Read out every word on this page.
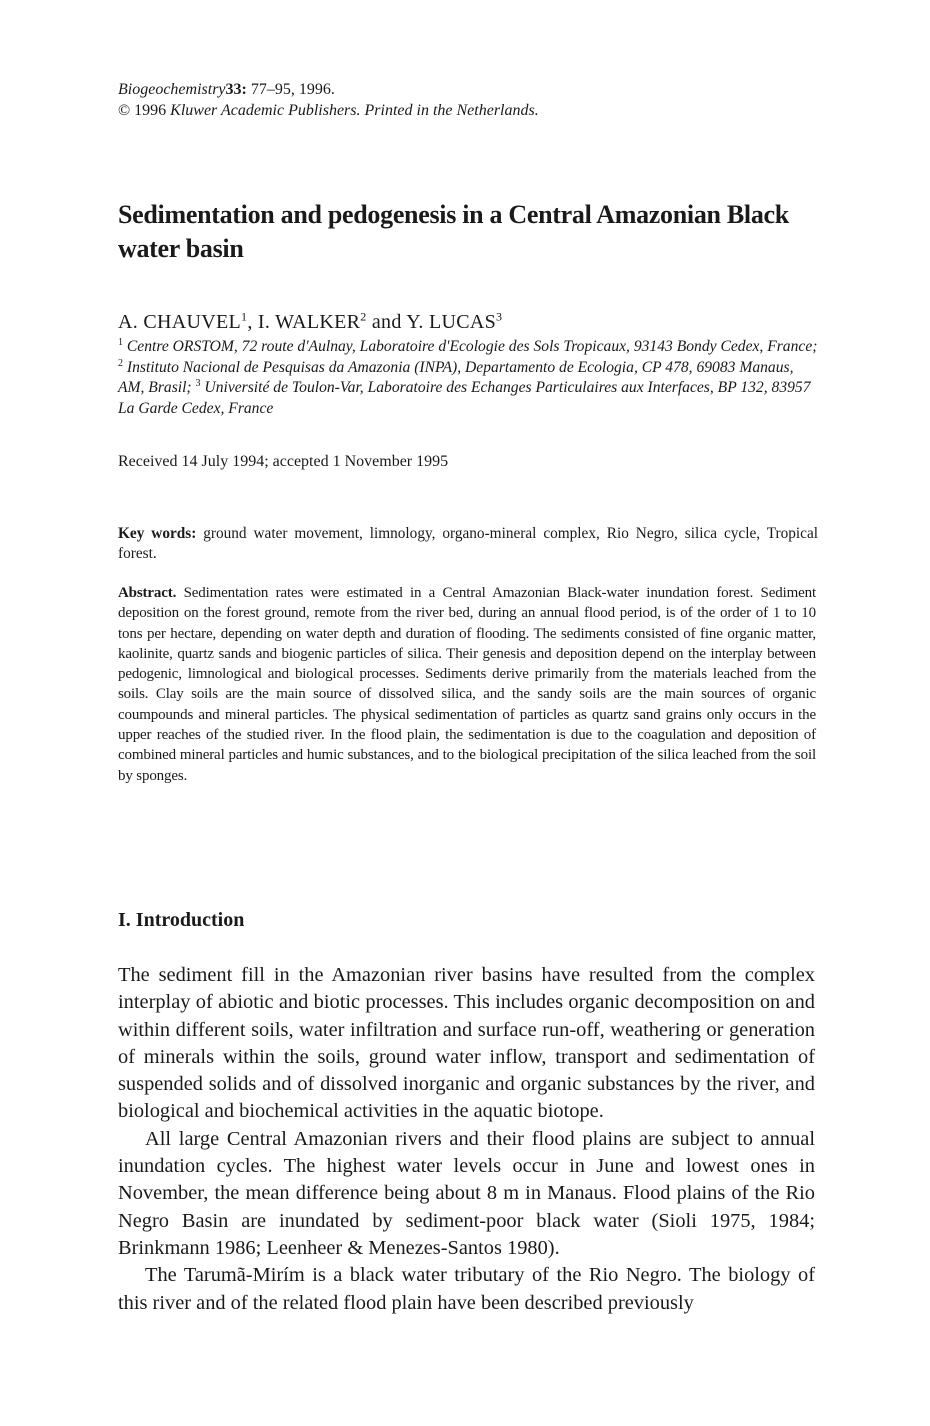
Biogeochemistry33: 77–95, 1996.
© 1996 Kluwer Academic Publishers. Printed in the Netherlands.
Sedimentation and pedogenesis in a Central Amazonian Black water basin
A. CHAUVEL$^1$, I. WALKER$^2$ and Y. LUCAS$^3$
$^1$ Centre ORSTOM, 72 route d'Aulnay, Laboratoire d'Ecologie des Sols Tropicaux, 93143 Bondy Cedex, France; $^2$ Instituto Nacional de Pesquisas da Amazonia (INPA), Departamento de Ecologia, CP 478, 69083 Manaus, AM, Brasil; $^3$ Université de Toulon-Var, Laboratoire des Echanges Particulaires aux Interfaces, BP 132, 83957 La Garde Cedex, France
Received 14 July 1994; accepted 1 November 1995
Key words: ground water movement, limnology, organo-mineral complex, Rio Negro, silica cycle, Tropical forest.
Abstract. Sedimentation rates were estimated in a Central Amazonian Black-water inundation forest. Sediment deposition on the forest ground, remote from the river bed, during an annual flood period, is of the order of 1 to 10 tons per hectare, depending on water depth and duration of flooding. The sediments consisted of fine organic matter, kaolinite, quartz sands and biogenic particles of silica. Their genesis and deposition depend on the interplay between pedogenic, limnological and biological processes. Sediments derive primarily from the materials leached from the soils. Clay soils are the main source of dissolved silica, and the sandy soils are the main sources of organic coumpounds and mineral particles. The physical sedimentation of particles as quartz sand grains only occurs in the upper reaches of the studied river. In the flood plain, the sedimentation is due to the coagulation and deposition of combined mineral particles and humic substances, and to the biological precipitation of the silica leached from the soil by sponges.
I. Introduction

The sediment fill in the Amazonian river basins have resulted from the complex interplay of abiotic and biotic processes. This includes organic decomposition on and within different soils, water infiltration and surface run-off, weathering or generation of minerals within the soils, ground water inflow, transport and sedimentation of suspended solids and of dissolved inorganic and organic substances by the river, and biological and biochemical activities in the aquatic biotope.

All large Central Amazonian rivers and their flood plains are subject to annual inundation cycles. The highest water levels occur in June and lowest ones in November, the mean difference being about 8 m in Manaus. Flood plains of the Rio Negro Basin are inundated by sediment-poor black water (Sioli 1975, 1984; Brinkmann 1986; Leenheer & Menezes-Santos 1980).

The Tarumã-Mirím is a black water tributary of the Rio Negro. The biology of this river and of the related flood plain have been described previously
